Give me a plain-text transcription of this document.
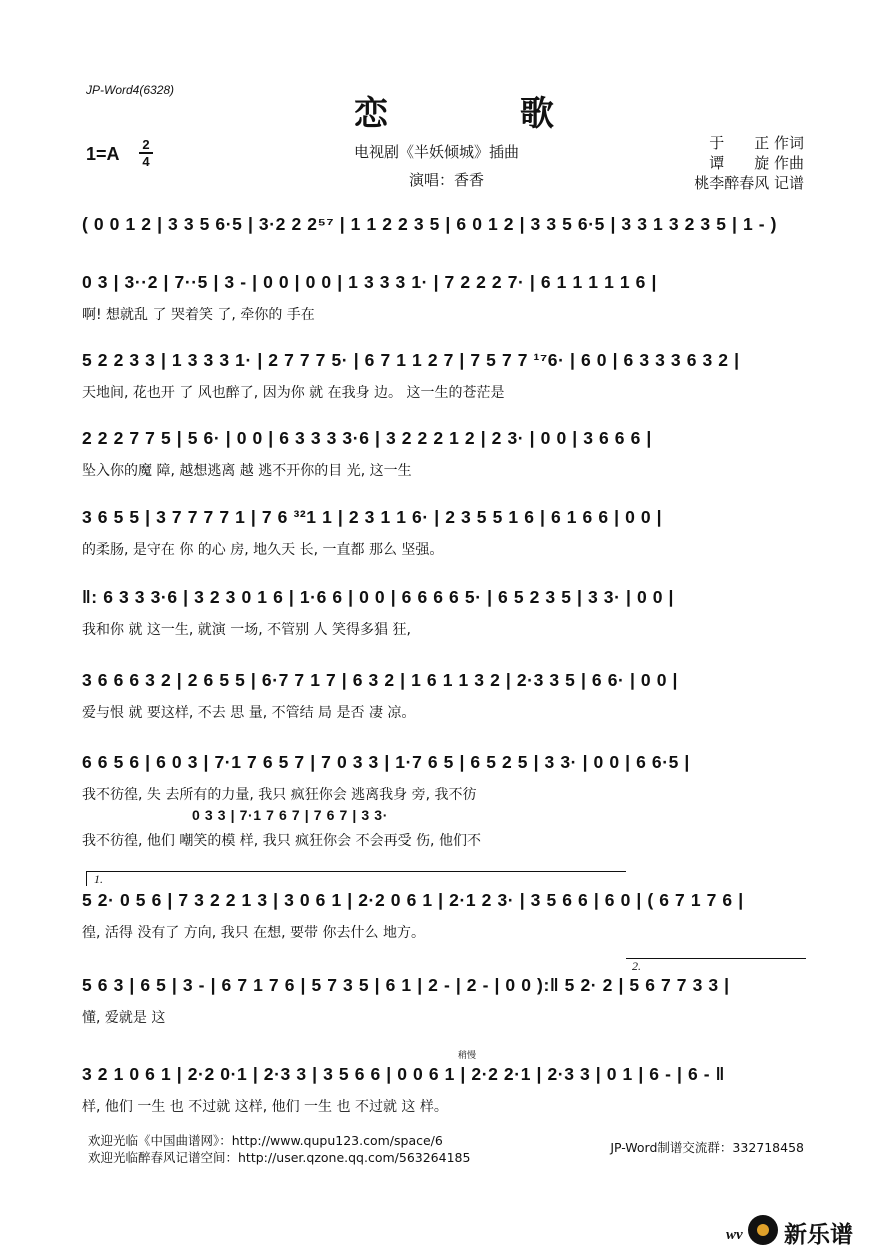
JP-Word4(6328)
恋 歌
1=A 2
4
电视剧《半妖倾城》插曲
演唱：香香
于　　正 作词
谭　　旋 作曲
桃李醉春风 记谱
( 0 0 1 2 | 3 3 5 6·5 | 3·2 2 2⁵⁷ | 1 1 2 2 3 5 | 6 0 1 2 | 3 3 5 6·5 | 3 3 1 3 2 3 5 | 1 - )
0 3 | 3··2 | 7··5 | 3 - | 0 0 | 0 0 | 1 3 3 3 1· | 7 2 2 2 7· | 6 1 1 1 1 1 6 |
啊! 想就乱 了 哭着笑 了, 牵你的 手在
5 2 2 3 3 | 1 3 3 3 1· | 2 7 7 7 5· | 6 7 1 1 2 7 | 7 5 7 7 ¹⁷6· | 6 0 | 6 3 3 3 6 3 2 |
天地间, 花也开 了 风也醉了, 因为你 就 在我身 边。 这一生的苍茫是
2 2 2 7 7 5 | 5 6· | 0 0 | 6 3 3 3 3·6 | 3 2 2 2 1 2 | 2 3· | 0 0 | 3 6 6 6 |
坠入你的魔 障, 越想逃离 越 逃不开你的目 光, 这一生
3 6 5 5 | 3 7 7 7 7 1 | 7 6 ³²1 1 | 2 3 1 1 6· | 2 3 5 5 1 6 | 6 1 6 6 | 0 0 |
的柔肠, 是守在 你 的心 房, 地久天 长, 一直都 那么 坚强。
‖: 6 3 3 3·6 | 3 2 3 0 1 6 | 1·6 6 | 0 0 | 6 6 6 6 5· | 6 5 2 3 5 | 3 3· | 0 0 |
我和你 就 这一生, 就演 一场, 不管别 人 笑得多猖 狂,
3 6 6 6 3 2 | 2 6 5 5 | 6·7 7 1 7 | 6 3 2 | 1 6 1 1 3 2 | 2·3 3 5 | 6 6· | 0 0 |
爱与恨 就 要这样, 不去 思 量, 不管结 局 是否 凄 凉。
6 6 5 6 | 6 0 3 | 7·1 7 6 5 7 | 7 0 3 3 | 1·7 6 5 | 6 5 2 5 | 3 3· | 0 0 | 6 6·5 |
我不彷徨, 失 去所有的力量, 我只 疯狂你会 逃离我身 旁, 我不彷
0 3 3 | 7·1 7 6 7 | 7 6 7 | 3 3·
我不彷徨, 他们 嘲笑的模 样, 我只 疯狂你会 不会再受 伤, 他们不
1.
5 2· 0 5 6 | 7 3 2 2 1 3 | 3 0 6 1 | 2·2 0 6 1 | 2·1 2 3· | 3 5 6 6 | 6 0 | ( 6 7 1 7 6 |
徨, 活得 没有了 方向, 我只 在想, 要带 你去什么 地方。
2.
5 6 3 | 6 5 | 3 - | 6 7 1 7 6 | 5 7 3 5 | 6 1 | 2 - | 2 - | 0 0 ):‖ 5 2· 2 | 5 6 7 7 3 3 |
懂, 爱就是 这
稍慢
3 2 1 0 6 1 | 2·2 0·1 | 2·3 3 | 3 5 6 6 | 0 0 6 1 | 2·2 2·1 | 2·3 3 | 0 1 | 6 - | 6 - ‖
样, 他们 一生 也 不过就 这样, 他们 一生 也 不过就 这 样。
欢迎光临《中国曲谱网》：http://www.qupu123.com/space/6
欢迎光临醉春风记谱空间：http://user.qzone.qq.com/563264185
JP-Word制谱交流群：332718458
wv 新乐谱
